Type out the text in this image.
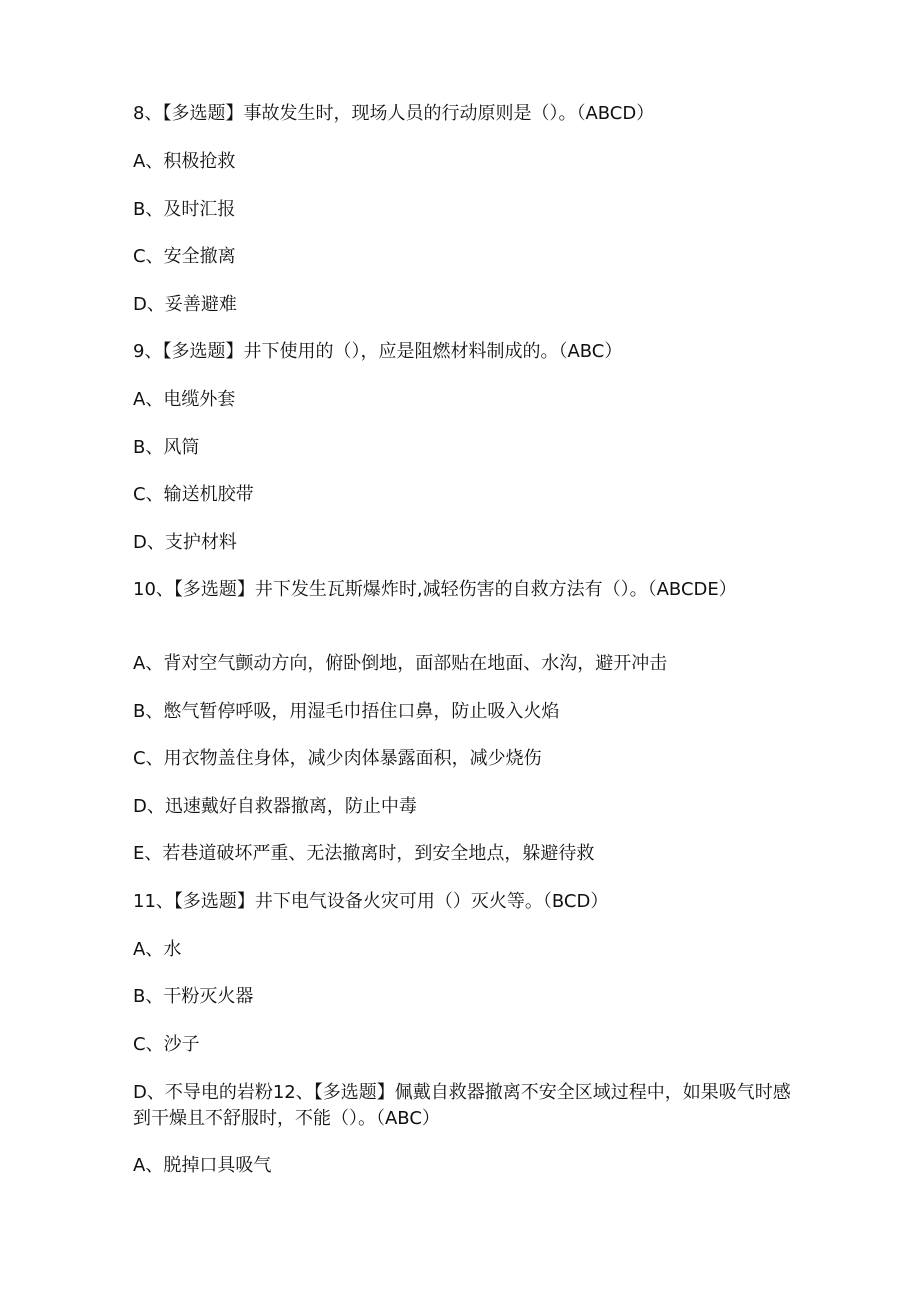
8、【多选题】事故发生时，现场人员的行动原则是（）。（ABCD）
A、积极抢救
B、及时汇报
C、安全撤离
D、妥善避难
9、【多选题】井下使用的（），应是阻燃材料制成的。（ABC）
A、电缆外套
B、风筒
C、输送机胶带
D、支护材料
10、【多选题】井下发生瓦斯爆炸时,减轻伤害的自救方法有（）。（ABCDE）
A、背对空气颤动方向，俯卧倒地，面部贴在地面、水沟，避开冲击
B、憋气暂停呼吸，用湿毛巾捂住口鼻，防止吸入火焰
C、用衣物盖住身体，减少肉体暴露面积，减少烧伤
D、迅速戴好自救器撤离，防止中毒
E、若巷道破坏严重、无法撤离时，到安全地点，躲避待救
11、【多选题】井下电气设备火灾可用（）灭火等。（BCD）
A、水
B、干粉灭火器
C、沙子
D、不导电的岩粉12、【多选题】佩戴自救器撤离不安全区域过程中，如果吸气时感到干燥且不舒服时，不能（）。（ABC）
A、脱掉口具吸气
